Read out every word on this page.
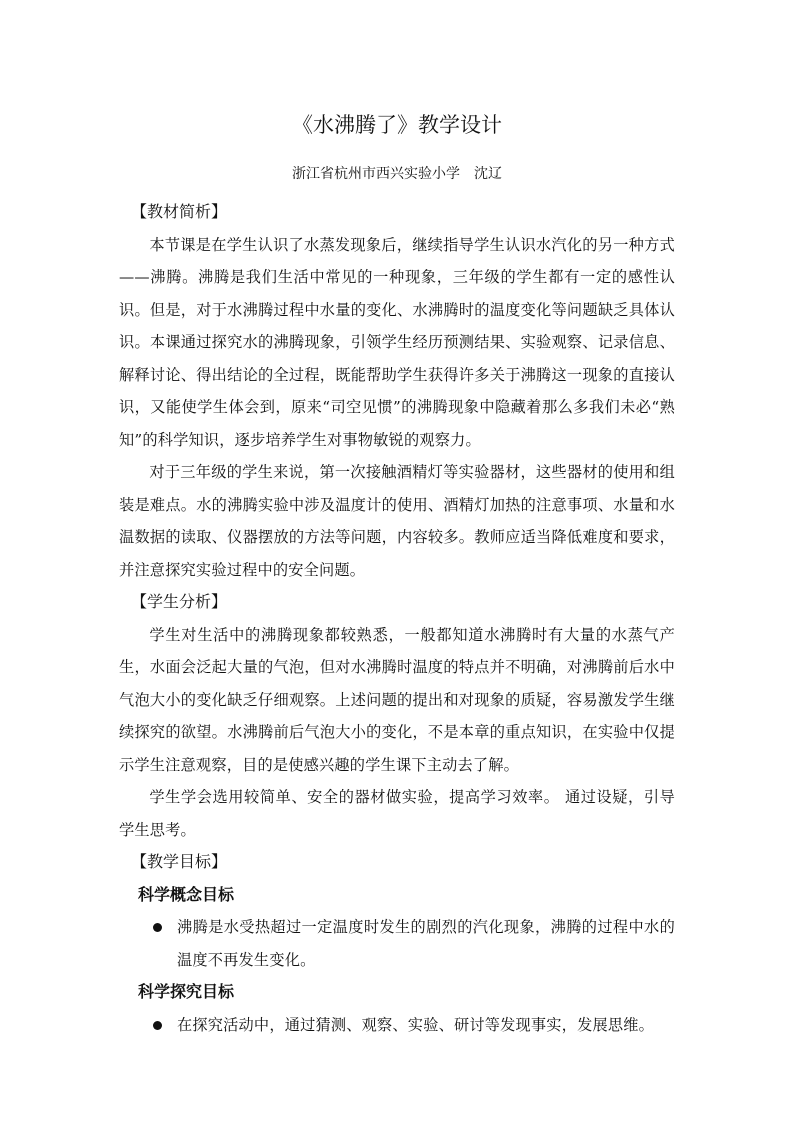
《水沸腾了》教学设计
浙江省杭州市西兴实验小学　沈辽
【教材简析】

本节课是在学生认识了水蒸发现象后，继续指导学生认识水汽化的另一种方式——沸腾。沸腾是我们生活中常见的一种现象，三年级的学生都有一定的感性认识。但是，对于水沸腾过程中水量的变化、水沸腾时的温度变化等问题缺乏具体认识。本课通过探究水的沸腾现象，引领学生经历预测结果、实验观察、记录信息、解释讨论、得出结论的全过程，既能帮助学生获得许多关于沸腾这一现象的直接认识，又能使学生体会到，原来“司空见惯”的沸腾现象中隐藏着那么多我们未必“熟知”的科学知识，逐步培养学生对事物敏锐的观察力。

对于三年级的学生来说，第一次接触酒精灯等实验器材，这些器材的使用和组装是难点。水的沸腾实验中涉及温度计的使用、酒精灯加热的注意事项、水量和水温数据的读取、仪器摆放的方法等问题，内容较多。教师应适当降低难度和要求，并注意探究实验过程中的安全问题。

【学生分析】

学生对生活中的沸腾现象都较熟悉，一般都知道水沸腾时有大量的水蒸气产生，水面会泛起大量的气泡，但对水沸腾时温度的特点并不明确，对沸腾前后水中气泡大小的变化缺乏仔细观察。上述问题的提出和对现象的质疑，容易激发学生继续探究的欲望。水沸腾前后气泡大小的变化，不是本章的重点知识，在实验中仅提示学生注意观察，目的是使感兴趣的学生课下主动去了解。

学生学会选用较简单、安全的器材做实验，提高学习效率。 通过设疑，引导学生思考。

【教学目标】
科学概念目标
沸腾是水受热超过一定温度时发生的剧烈的汽化现象，沸腾的过程中水的温度不再发生变化。
科学探究目标
在探究活动中，通过猜测、观察、实验、研讨等发现事实，发展思维。
